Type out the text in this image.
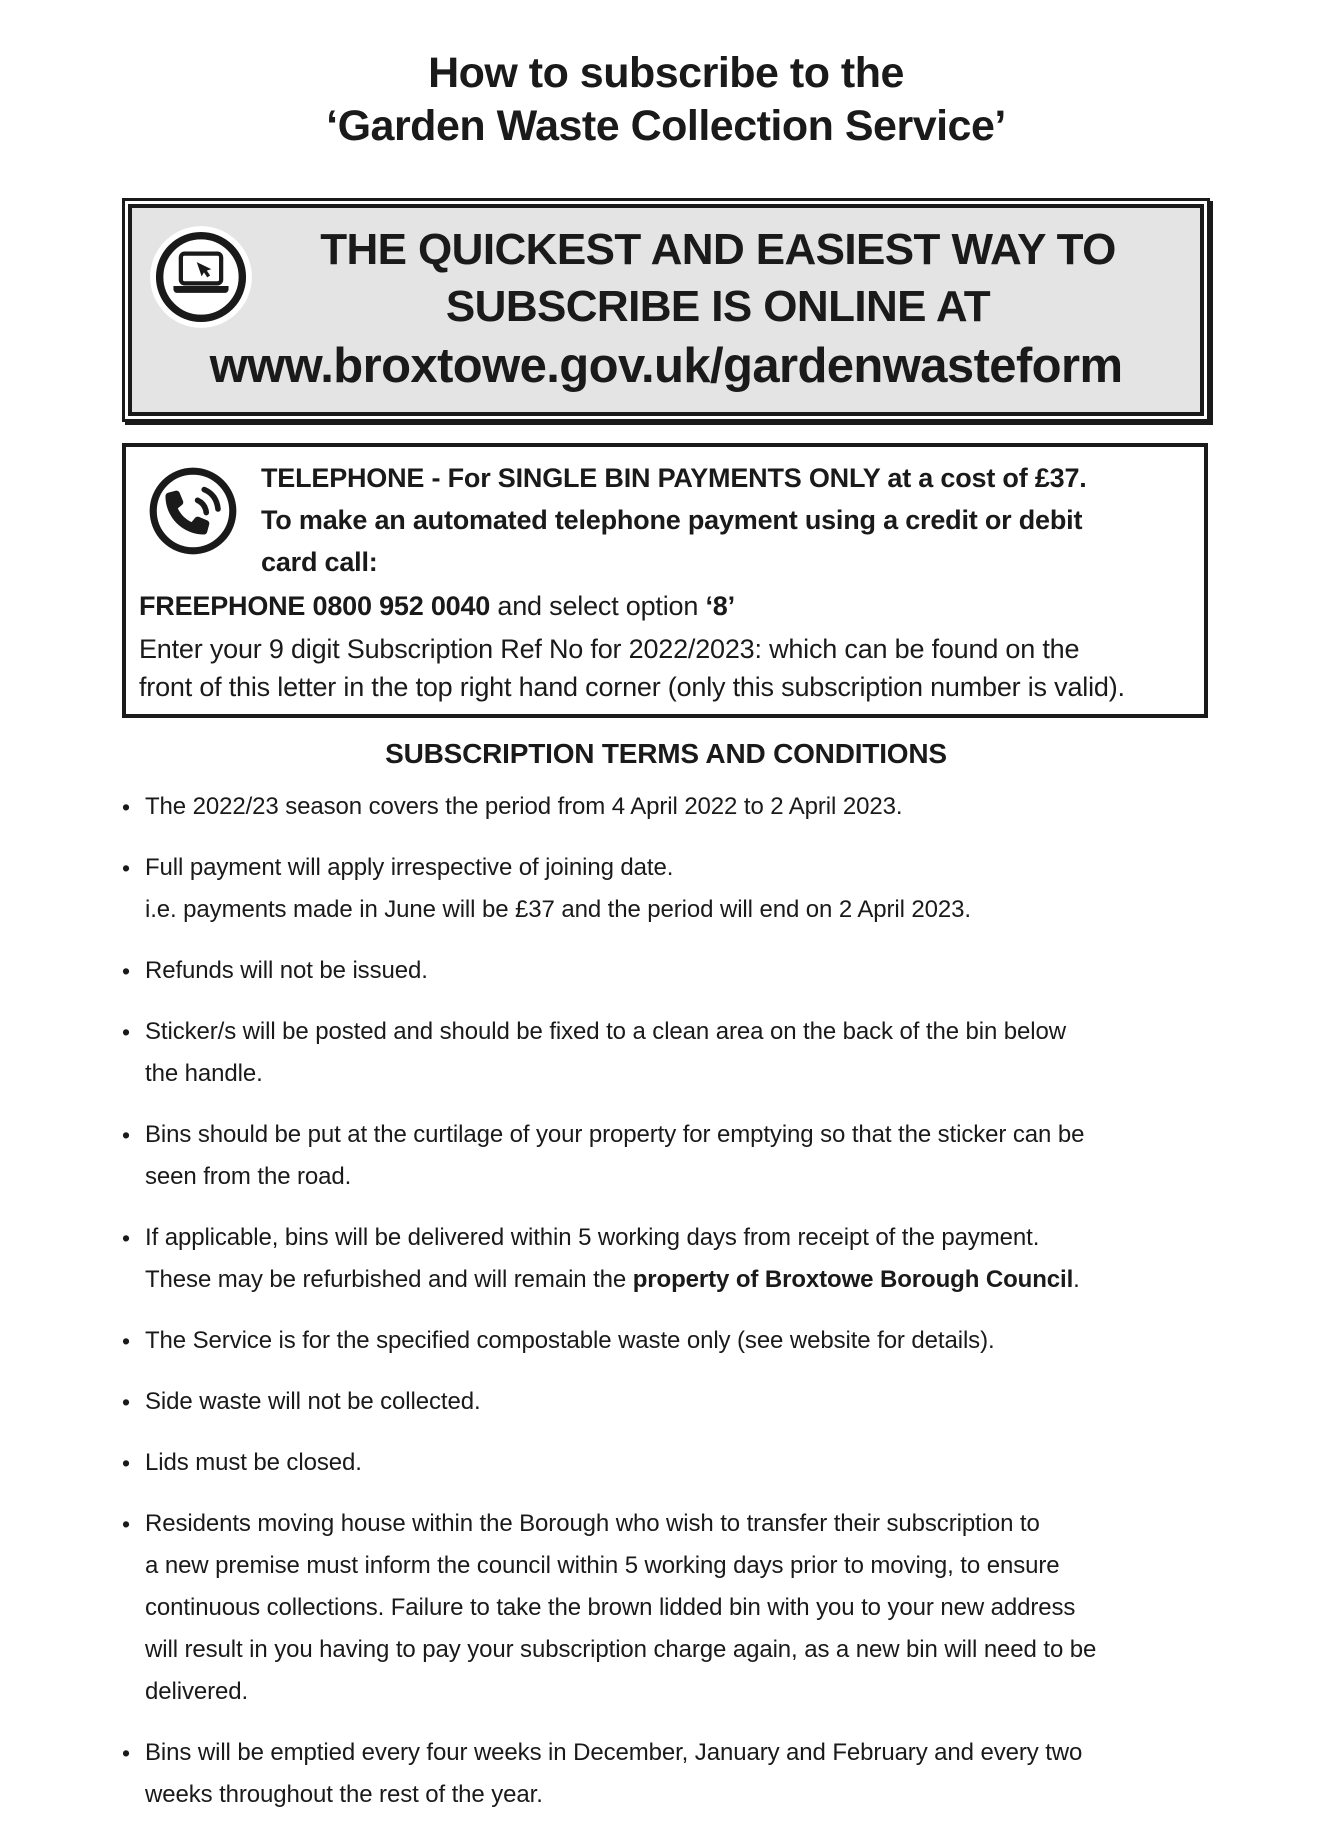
How to subscribe to the
‘Garden Waste Collection Service’
THE QUICKEST AND EASIEST WAY TO
SUBSCRIBE IS ONLINE AT
www.broxtowe.gov.uk/gardenwasteform
TELEPHONE - For SINGLE BIN PAYMENTS ONLY at a cost of £37.
To make an automated telephone payment using a credit or debit
card call:
FREEPHONE 0800 952 0040 and select option ‘8’
Enter your 9 digit Subscription Ref No for 2022/2023: which can be found on the
front of this letter in the top right hand corner (only this subscription number is valid).
SUBSCRIPTION TERMS AND CONDITIONS
• The 2022/23 season covers the period from 4 April 2022 to 2 April 2023.
• Full payment will apply irrespective of joining date.
i.e. payments made in June will be £37 and the period will end on 2 April 2023.
• Refunds will not be issued.
• Sticker/s will be posted and should be fixed to a clean area on the back of the bin below
the handle.
• Bins should be put at the curtilage of your property for emptying so that the sticker can be
seen from the road.
• If applicable, bins will be delivered within 5 working days from receipt of the payment.
These may be refurbished and will remain the property of Broxtowe Borough Council.
• The Service is for the specified compostable waste only (see website for details).
• Side waste will not be collected.
• Lids must be closed.
• Residents moving house within the Borough who wish to transfer their subscription to
a new premise must inform the council within 5 working days prior to moving, to ensure
continuous collections. Failure to take the brown lidded bin with you to your new address
will result in you having to pay your subscription charge again, as a new bin will need to be
delivered.
• Bins will be emptied every four weeks in December, January and February and every two
weeks throughout the rest of the year.
